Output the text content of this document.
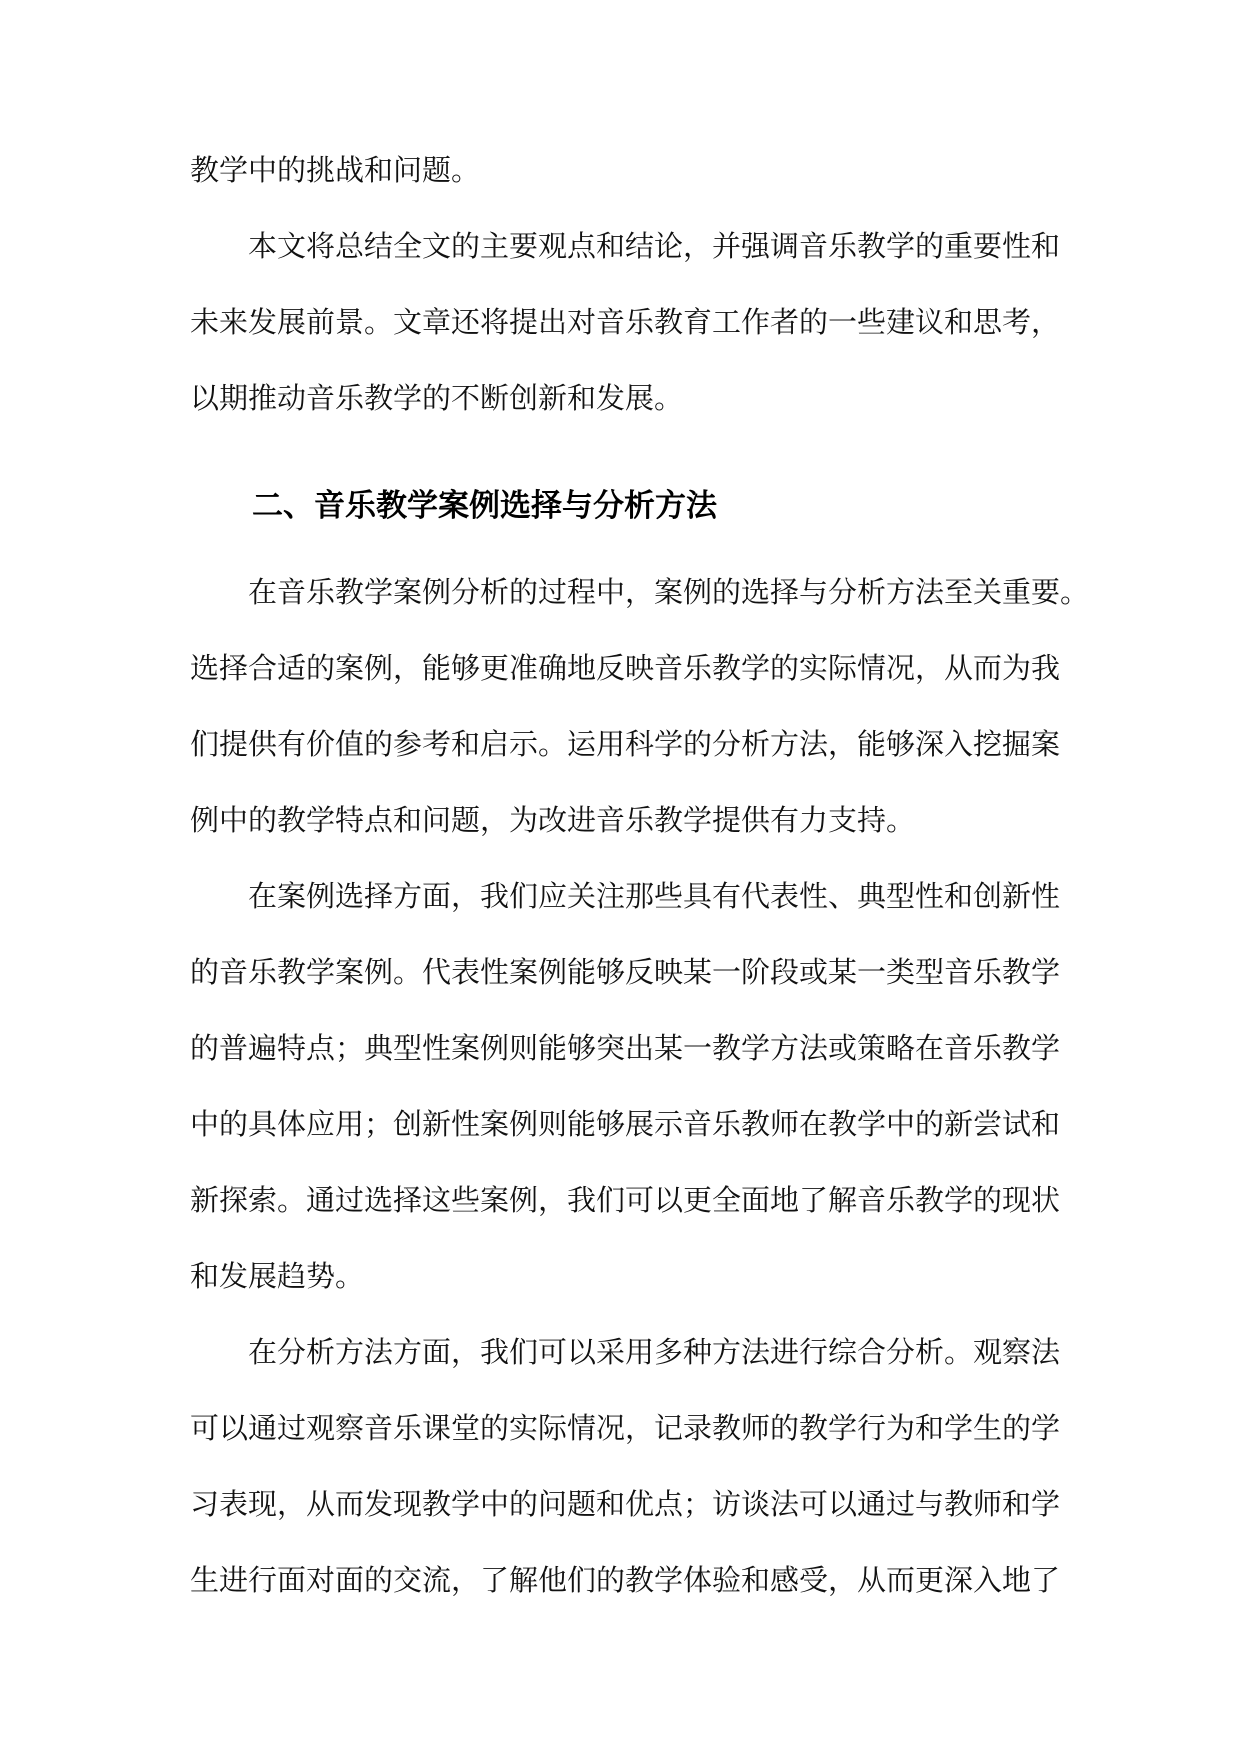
教学中的挑战和问题。
本文将总结全文的主要观点和结论，并强调音乐教学的重要性和
未来发展前景。文章还将提出对音乐教育工作者的一些建议和思考，
以期推动音乐教学的不断创新和发展。
二、音乐教学案例选择与分析方法
在音乐教学案例分析的过程中，案例的选择与分析方法至关重要。
选择合适的案例，能够更准确地反映音乐教学的实际情况，从而为我
们提供有价值的参考和启示。运用科学的分析方法，能够深入挖掘案
例中的教学特点和问题，为改进音乐教学提供有力支持。
在案例选择方面，我们应关注那些具有代表性、典型性和创新性
的音乐教学案例。代表性案例能够反映某一阶段或某一类型音乐教学
的普遍特点；典型性案例则能够突出某一教学方法或策略在音乐教学
中的具体应用；创新性案例则能够展示音乐教师在教学中的新尝试和
新探索。通过选择这些案例，我们可以更全面地了解音乐教学的现状
和发展趋势。
在分析方法方面，我们可以采用多种方法进行综合分析。观察法
可以通过观察音乐课堂的实际情况，记录教师的教学行为和学生的学
习表现，从而发现教学中的问题和优点；访谈法可以通过与教师和学
生进行面对面的交流，了解他们的教学体验和感受，从而更深入地了
